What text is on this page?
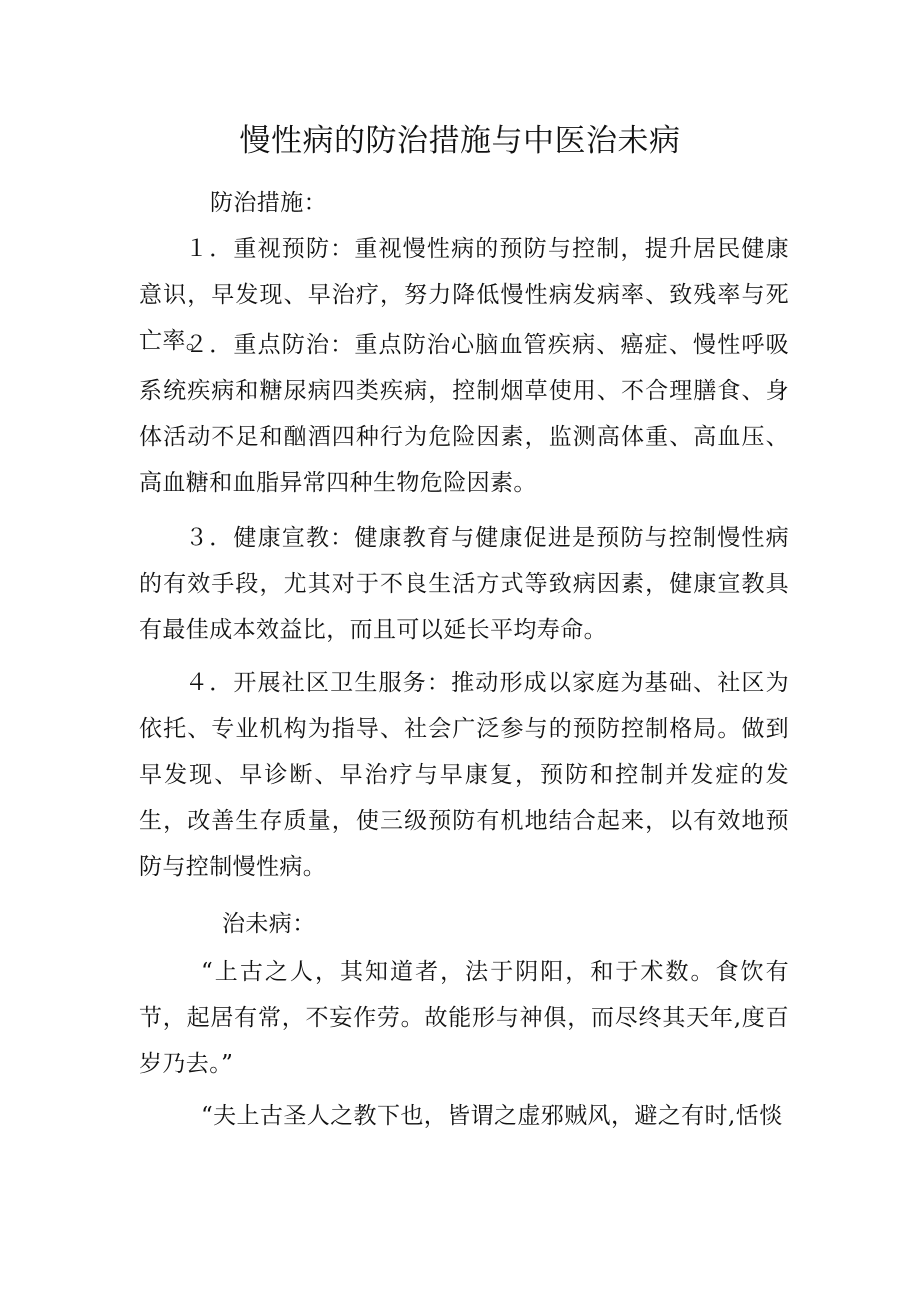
慢性病的防治措施与中医治未病

防治措施：

１．重视预防：重视慢性病的预防与控制，提升居民健康意识，早发现、早治疗，努力降低慢性病发病率、致残率与死亡率。

２．重点防治：重点防治心脑血管疾病、癌症、慢性呼吸系统疾病和糖尿病四类疾病，控制烟草使用、不合理膳食、身体活动不足和酗酒四种行为危险因素，监测高体重、高血压、高血糖和血脂异常四种生物危险因素。

３．健康宣教：健康教育与健康促进是预防与控制慢性病的有效手段，尤其对于不良生活方式等致病因素，健康宣教具有最佳成本效益比，而且可以延长平均寿命。

４．开展社区卫生服务：推动形成以家庭为基础、社区为依托、专业机构为指导、社会广泛参与的预防控制格局。做到早发现、早诊断、早治疗与早康复，预防和控制并发症的发生，改善生存质量，使三级预防有机地结合起来，以有效地预防与控制慢性病。

治未病：

“上古之人，其知道者，法于阴阳，和于术数。食饮有节，起居有常，不妄作劳。故能形与神俱，而尽终其天年,度百岁乃去。”

“夫上古圣人之教下也，皆谓之虚邪贼风，避之有时,恬惔
